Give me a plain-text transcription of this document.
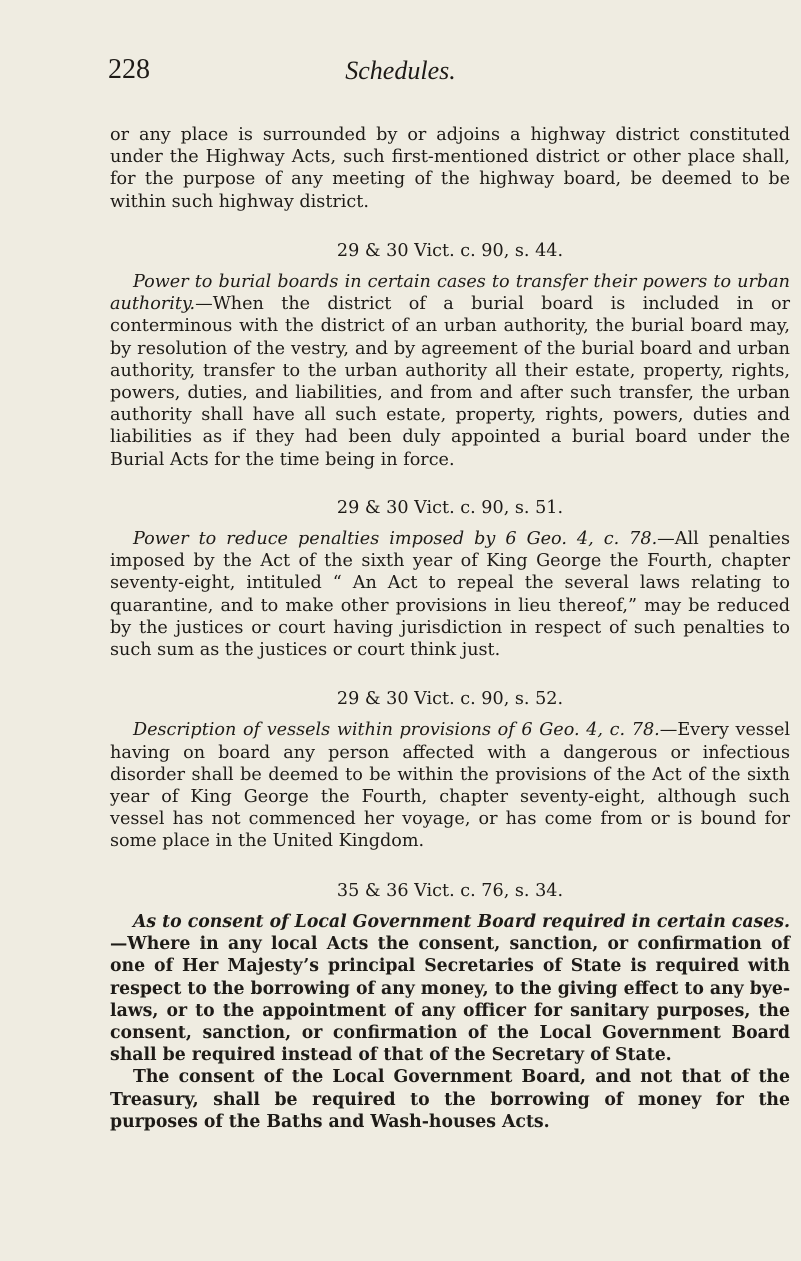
228	Schedules.

or any place is surrounded by or adjoins a highway district constituted under the Highway Acts, such first-mentioned district or other place shall, for the purpose of any meeting of the highway board, be deemed to be within such highway district.

29 & 30 Vict. c. 90, s. 44.

Power to burial boards in certain cases to transfer their powers to urban authority.—When the district of a burial board is included in or conterminous with the district of an urban authority, the burial board may, by resolution of the vestry, and by agreement of the burial board and urban authority, transfer to the urban authority all their estate, property, rights, powers, duties, and liabilities, and from and after such transfer, the urban authority shall have all such estate, property, rights, powers, duties and liabilities as if they had been duly appointed a burial board under the Burial Acts for the time being in force.

29 & 30 Vict. c. 90, s. 51.

Power to reduce penalties imposed by 6 Geo. 4, c. 78.—All penalties imposed by the Act of the sixth year of King George the Fourth, chapter seventy-eight, intituled “ An Act to repeal the several laws relating to quarantine, and to make other provisions in lieu thereof,” may be reduced by the justices or court having jurisdiction in respect of such penalties to such sum as the justices or court think just.

29 & 30 Vict. c. 90, s. 52.

Description of vessels within provisions of 6 Geo. 4, c. 78.—Every vessel having on board any person affected with a dangerous or infectious disorder shall be deemed to be within the provisions of the Act of the sixth year of King George the Fourth, chapter seventy-eight, although such vessel has not commenced her voyage, or has come from or is bound for some place in the United Kingdom.

35 & 36 Vict. c. 76, s. 34.

As to consent of Local Government Board required in certain cases.—Where in any local Acts the consent, sanction, or confirmation of one of Her Majesty’s principal Secretaries of State is required with respect to the borrowing of any money, to the giving effect to any bye-laws, or to the appointment of any officer for sanitary purposes, the consent, sanction, or confirmation of the Local Government Board shall be required instead of that of the Secretary of State.

The consent of the Local Government Board, and not that of the Treasury, shall be required to the borrowing of money for the purposes of the Baths and Wash-houses Acts.
